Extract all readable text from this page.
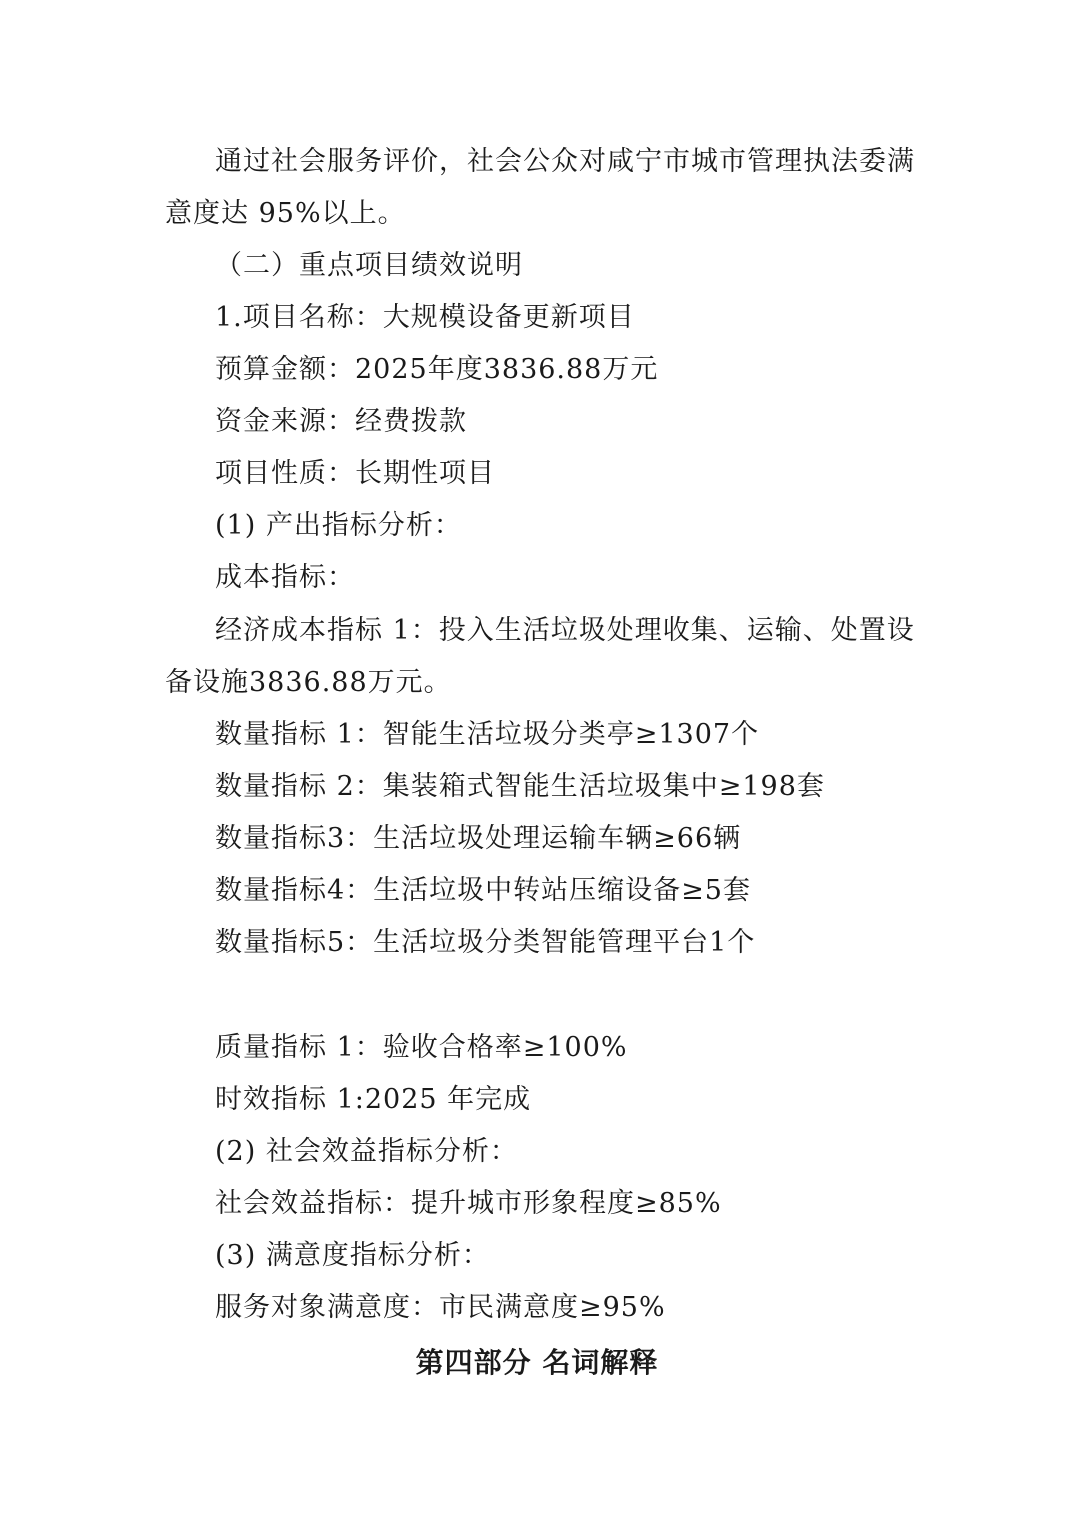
通过社会服务评价，社会公众对咸宁市城市管理执法委满
意度达 95%以上。
（二）重点项目绩效说明
1.项目名称：大规模设备更新项目
预算金额：2025年度3836.88万元
资金来源：经费拨款
项目性质：长期性项目
(1) 产出指标分析：
成本指标：
经济成本指标 1：投入生活垃圾处理收集、运输、处置设
备设施3836.88万元。
数量指标 1：智能生活垃圾分类亭≥1307个
数量指标 2：集装箱式智能生活垃圾集中≥198套
数量指标3：生活垃圾处理运输车辆≥66辆
数量指标4：生活垃圾中转站压缩设备≥5套
数量指标5：生活垃圾分类智能管理平台1个
质量指标 1：验收合格率≥100%
时效指标 1:2025 年完成
(2) 社会效益指标分析：
社会效益指标：提升城市形象程度≥85%
(3) 满意度指标分析：
服务对象满意度：市民满意度≥95%
第四部分 名词解释
